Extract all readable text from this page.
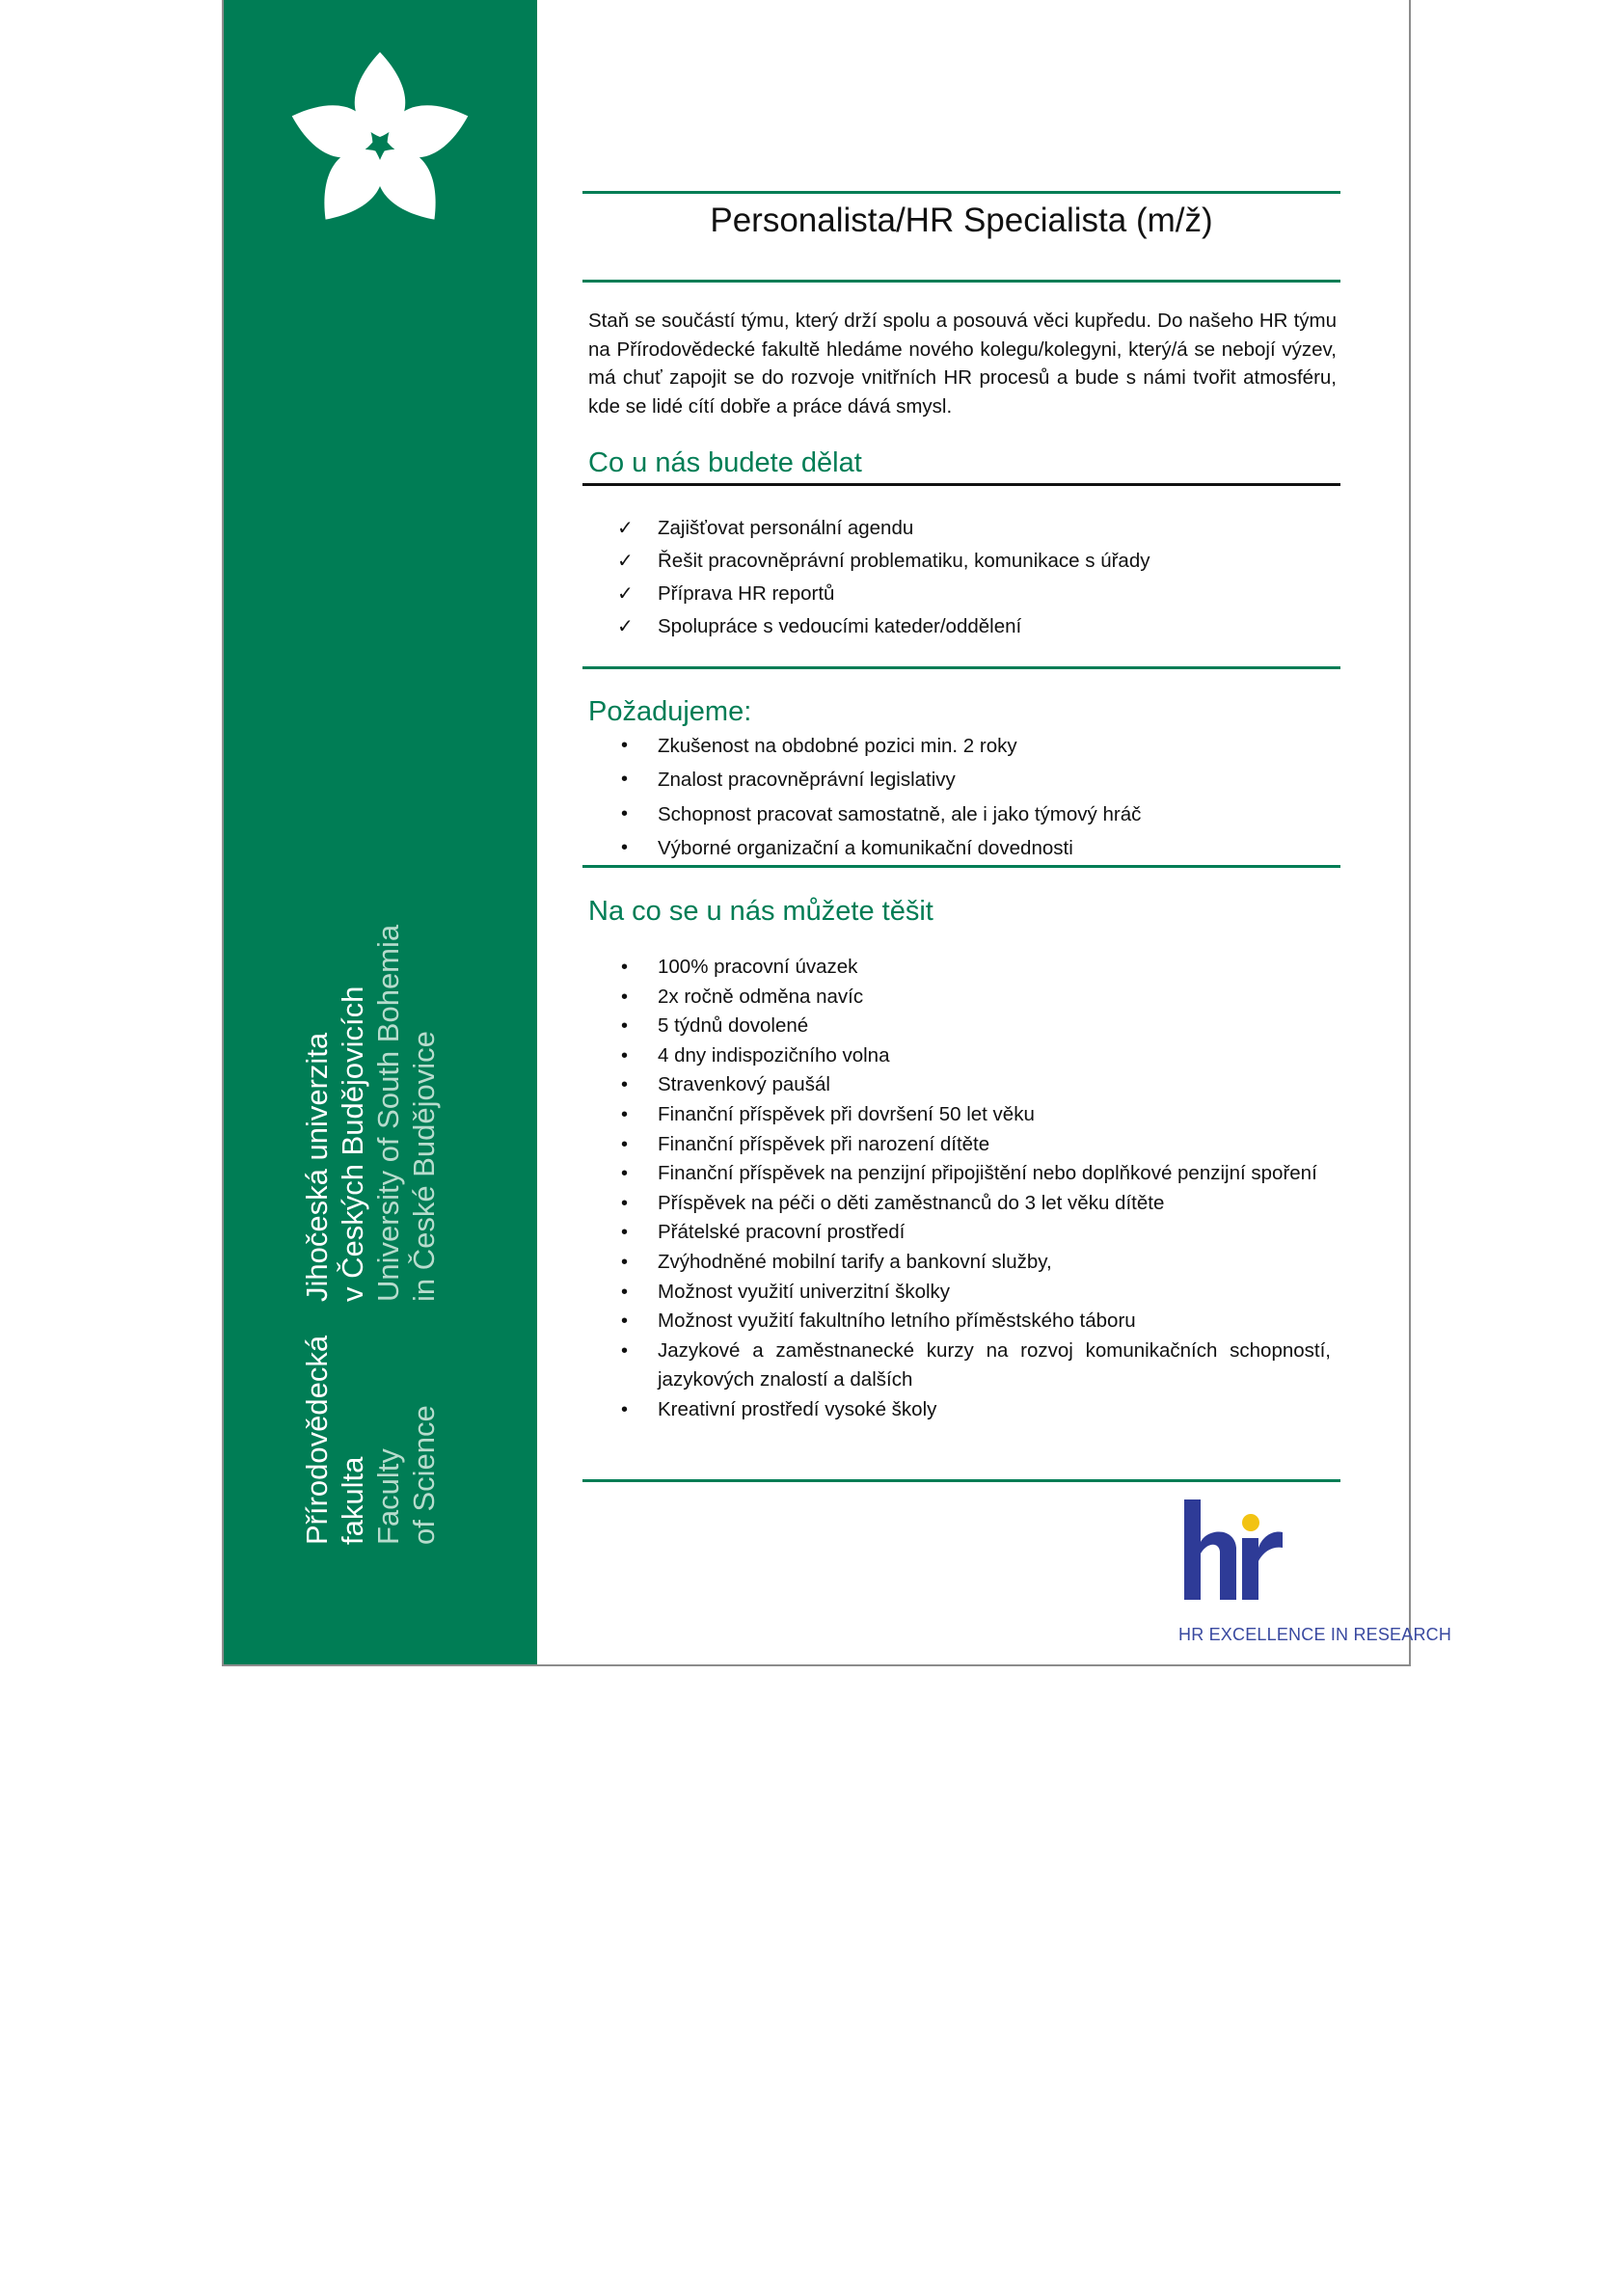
Přírodovědecká fakulta Faculty of Science
Jihočeská univerzita v Českých Budějovicích University of South Bohemia in České Budějovice
Personalista/HR Specialista (m/ž)
Staň se součástí týmu, který drží spolu a posouvá věci kupředu. Do našeho HR týmu na Přírodovědecké fakultě hledáme nového kolegu/kolegyni, který/á se nebojí výzev, má chuť zapojit se do rozvoje vnitřních HR procesů a bude s námi tvořit atmosféru, kde se lidé cítí dobře a práce dává smysl.
Co u nás budete dělat
✓ Zajišťovat personální agendu
✓ Řešit pracovněprávní problematiku, komunikace s úřady
✓ Příprava HR reportů
✓ Spolupráce s vedoucími kateder/oddělení
Požadujeme:
• Zkušenost na obdobné pozici min. 2 roky
• Znalost pracovněprávní legislativy
• Schopnost pracovat samostatně, ale i jako týmový hráč
• Výborné organizační a komunikační dovednosti
Na co se u nás můžete těšit
• 100% pracovní úvazek
• 2x ročně odměna navíc
• 5 týdnů dovolené
• 4 dny indispozičního volna
• Stravenkový paušál
• Finanční příspěvek při dovršení 50 let věku
• Finanční příspěvek při narození dítěte
• Finanční příspěvek na penzijní připojištění nebo doplňkové penzijní spoření
• Příspěvek na péči o děti zaměstnanců do 3 let věku dítěte
• Přátelské pracovní prostředí
• Zvýhodněné mobilní tarify a bankovní služby,
• Možnost využití univerzitní školky
• Možnost využití fakultního letního příměstského táboru
• Jazykové a zaměstnanecké kurzy na rozvoj komunikačních schopností, jazykových znalostí a dalších
• Kreativní prostředí vysoké školy
hr
HR EXCELLENCE IN RESEARCH
